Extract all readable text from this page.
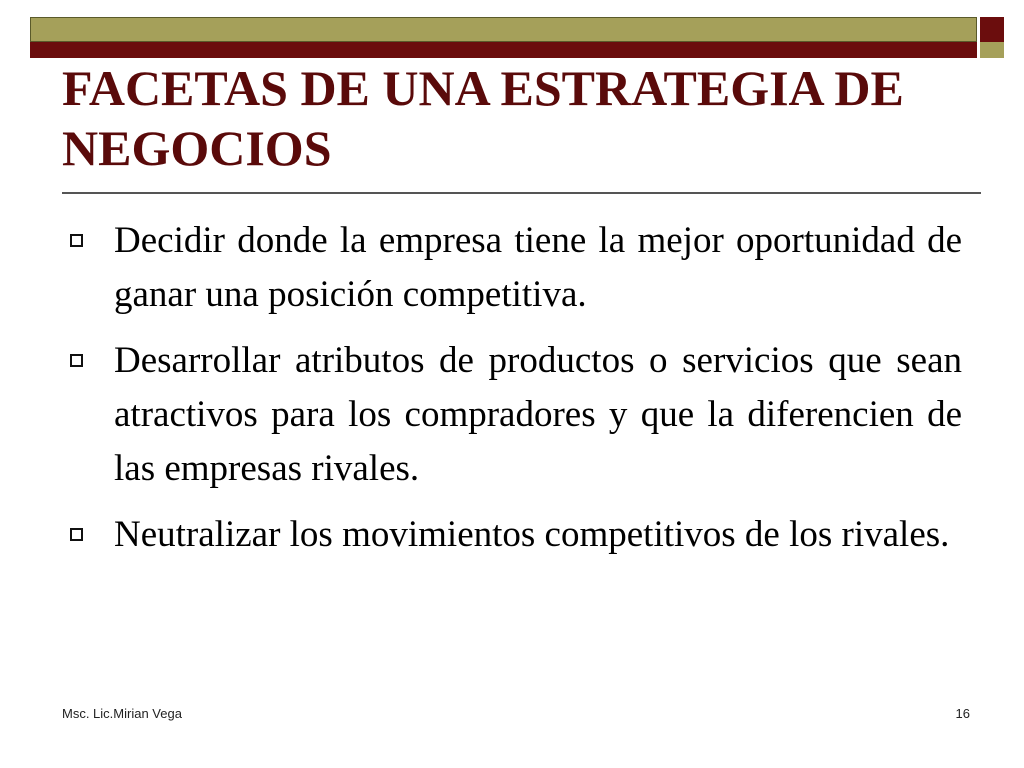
FACETAS DE UNA ESTRATEGIA DE NEGOCIOS
Decidir donde la empresa tiene la mejor oportunidad de ganar una posición competitiva.
Desarrollar atributos de productos o servicios que sean atractivos para los compradores y que la diferencien de las empresas rivales.
Neutralizar los movimientos competitivos de los rivales.
Msc. Lic.Mirian Vega	16
